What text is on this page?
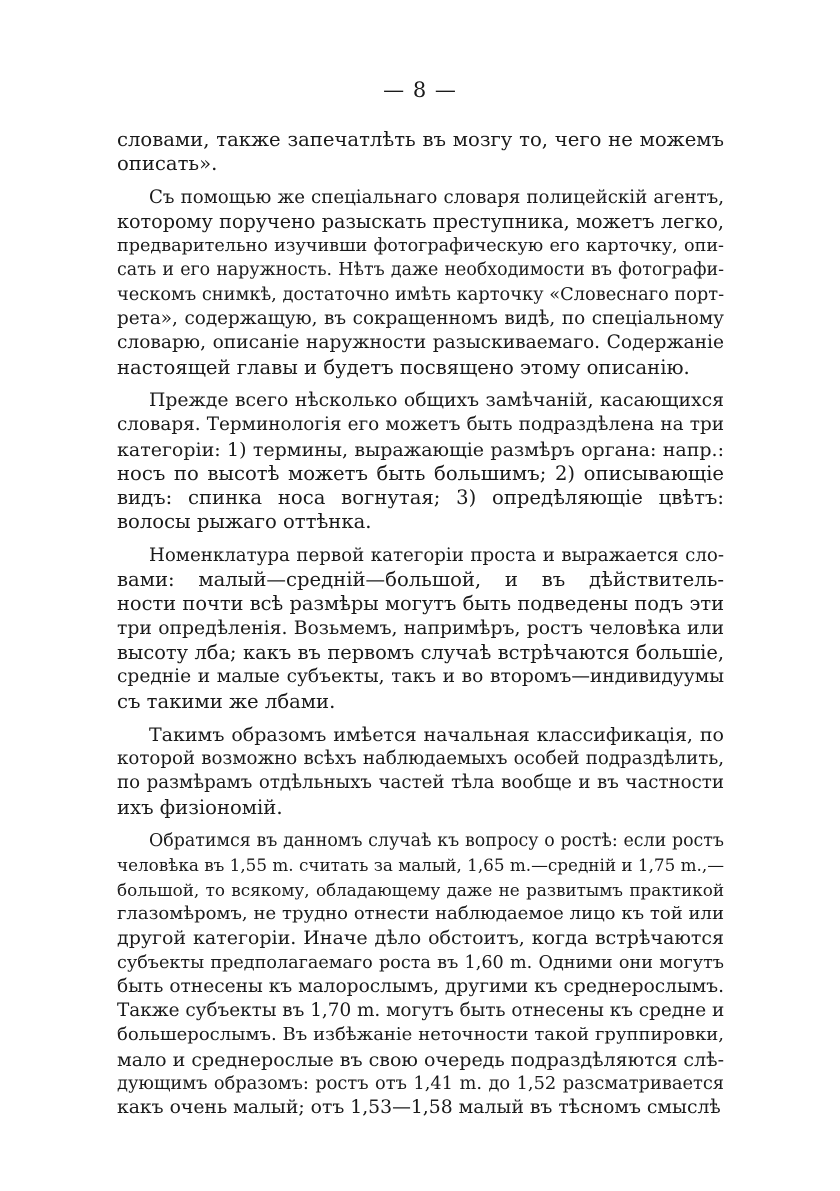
— 8 —
словами, также запечатлѣть въ мозгу то, чего не можемъ
описать».
Съ помощью же спеціальнаго словаря полицейскій агентъ,
которому поручено разыскать преступника, можетъ легко,
предварительно изучивши фотографическую его карточку, опи-
сать и его наружность. Нѣтъ даже необходимости въ фотографи-
ческомъ снимкѣ, достаточно имѣть карточку «Словеснаго порт-
рета», содержащую, въ сокращенномъ видѣ, по спеціальному
словарю, описаніе наружности разыскиваемаго. Содержаніе
настоящей главы и будетъ посвящено этому описанію.
Прежде всего нѣсколько общихъ замѣчаній, касающихся
словаря. Терминологія его можетъ быть подраздѣлена на три
категоріи: 1) термины, выражающіе размѣръ органа: напр.:
носъ по высотѣ можетъ быть большимъ; 2) описывающіе
видъ: спинка носа вогнутая; 3) опредѣляющіе цвѣтъ:
волосы рыжаго оттѣнка.
Номенклатура первой категоріи проста и выражается сло-
вами: малый—средній—большой, и въ дѣйствитель-
ности почти всѣ размѣры могутъ быть подведены подъ эти
три опредѣленія. Возьмемъ, напримѣръ, ростъ человѣка или
высоту лба; какъ въ первомъ случаѣ встрѣчаются большіе,
средніе и малые субъекты, такъ и во второмъ—индивидуумы
съ такими же лбами.
Такимъ образомъ имѣется начальная классификація, по
которой возможно всѣхъ наблюдаемыхъ особей подраздѣлить,
по размѣрамъ отдѣльныхъ частей тѣла вообще и въ частности
ихъ физіономій.
Обратимся въ данномъ случаѣ къ вопросу о ростѣ: если ростъ
человѣка въ 1,55 m. считать за малый, 1,65 m.—средній и 1,75 m.,—
большой, то всякому, обладающему даже не развитымъ практикой
глазомѣромъ, не трудно отнести наблюдаемое лицо къ той или
другой категоріи. Иначе дѣло обстоитъ, когда встрѣчаются
субъекты предполагаемаго роста въ 1,60 m. Одними они могутъ
быть отнесены къ малорослымъ, другими къ среднерослымъ.
Также субъекты въ 1,70 m. могутъ быть отнесены къ средне и
большерослымъ. Въ избѣжаніе неточности такой группировки,
мало и среднерослые въ свою очередь подраздѣляются слѣ-
дующимъ образомъ: ростъ отъ 1,41 m. до 1,52 разсматривается
какъ очень малый; отъ 1,53—1,58 малый въ тѣсномъ смыслѣ
